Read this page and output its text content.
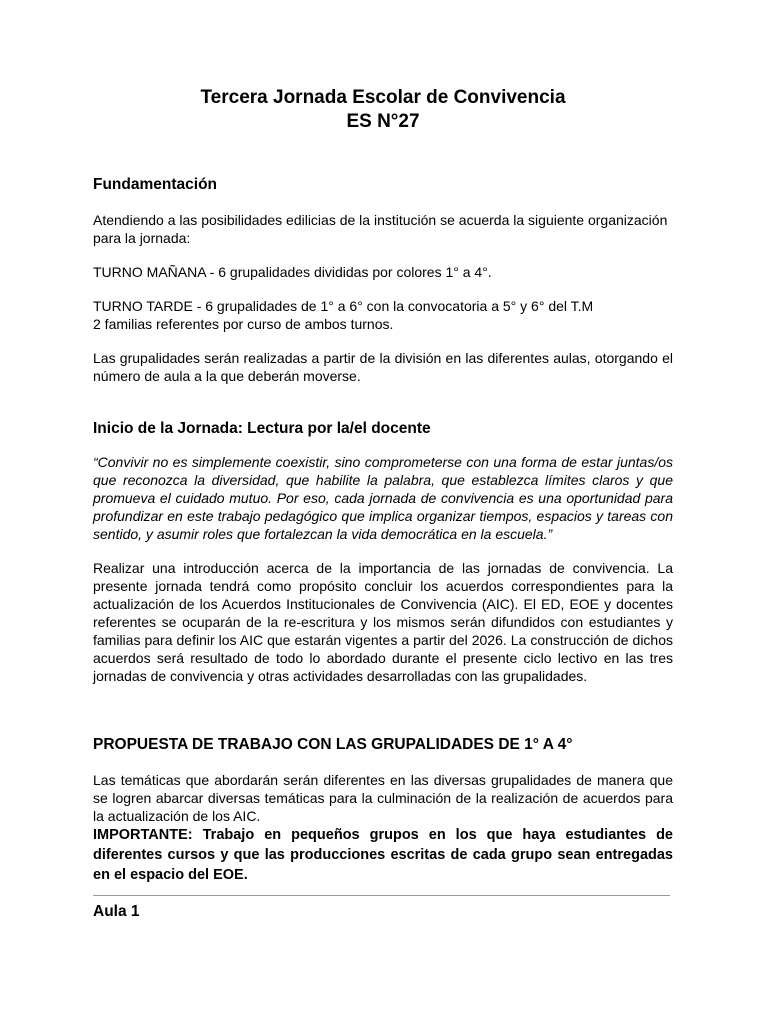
Tercera Jornada Escolar de Convivencia
ES N°27
Fundamentación

Atendiendo a las posibilidades edilicias de la institución se acuerda la siguiente organización para la jornada:

TURNO MAÑANA - 6 grupalidades divididas por colores 1° a 4°.

TURNO TARDE - 6 grupalidades de 1° a 6° con la convocatoria a 5° y 6° del T.M

2 familias referentes por curso de ambos turnos.

Las grupalidades serán realizadas a partir de la división en las diferentes aulas, otorgando el número de aula a la que deberán moverse.

Inicio de la Jornada: Lectura por la/el docente

“Convivir no es simplemente coexistir, sino comprometerse con una forma de estar juntas/os que reconozca la diversidad, que habilite la palabra, que establezca límites claros y que promueva el cuidado mutuo. Por eso, cada jornada de convivencia es una oportunidad para profundizar en este trabajo pedagógico que implica organizar tiempos, espacios y tareas con sentido, y asumir roles que fortalezcan la vida democrática en la escuela.”

Realizar una introducción acerca de la importancia de las jornadas de convivencia. La presente jornada tendrá como propósito concluir los acuerdos correspondientes para la actualización de los Acuerdos Institucionales de Convivencia (AIC). El ED, EOE y docentes referentes se ocuparán de la re-escritura y los mismos serán difundidos con estudiantes y familias para definir los AIC que estarán vigentes a partir del 2026. La construcción de dichos acuerdos será resultado de todo lo abordado durante el presente ciclo lectivo en las tres jornadas de convivencia y otras actividades desarrolladas con las grupalidades.

PROPUESTA DE TRABAJO CON LAS GRUPALIDADES DE 1° A 4°

Las temáticas que abordarán serán diferentes en las diversas grupalidades de manera que se logren abarcar diversas temáticas para la culminación de la realización de acuerdos para la actualización de los AIC.

IMPORTANTE: Trabajo en pequeños grupos en los que haya estudiantes de diferentes cursos y que las producciones escritas de cada grupo sean entregadas en el espacio del EOE.

Aula 1
